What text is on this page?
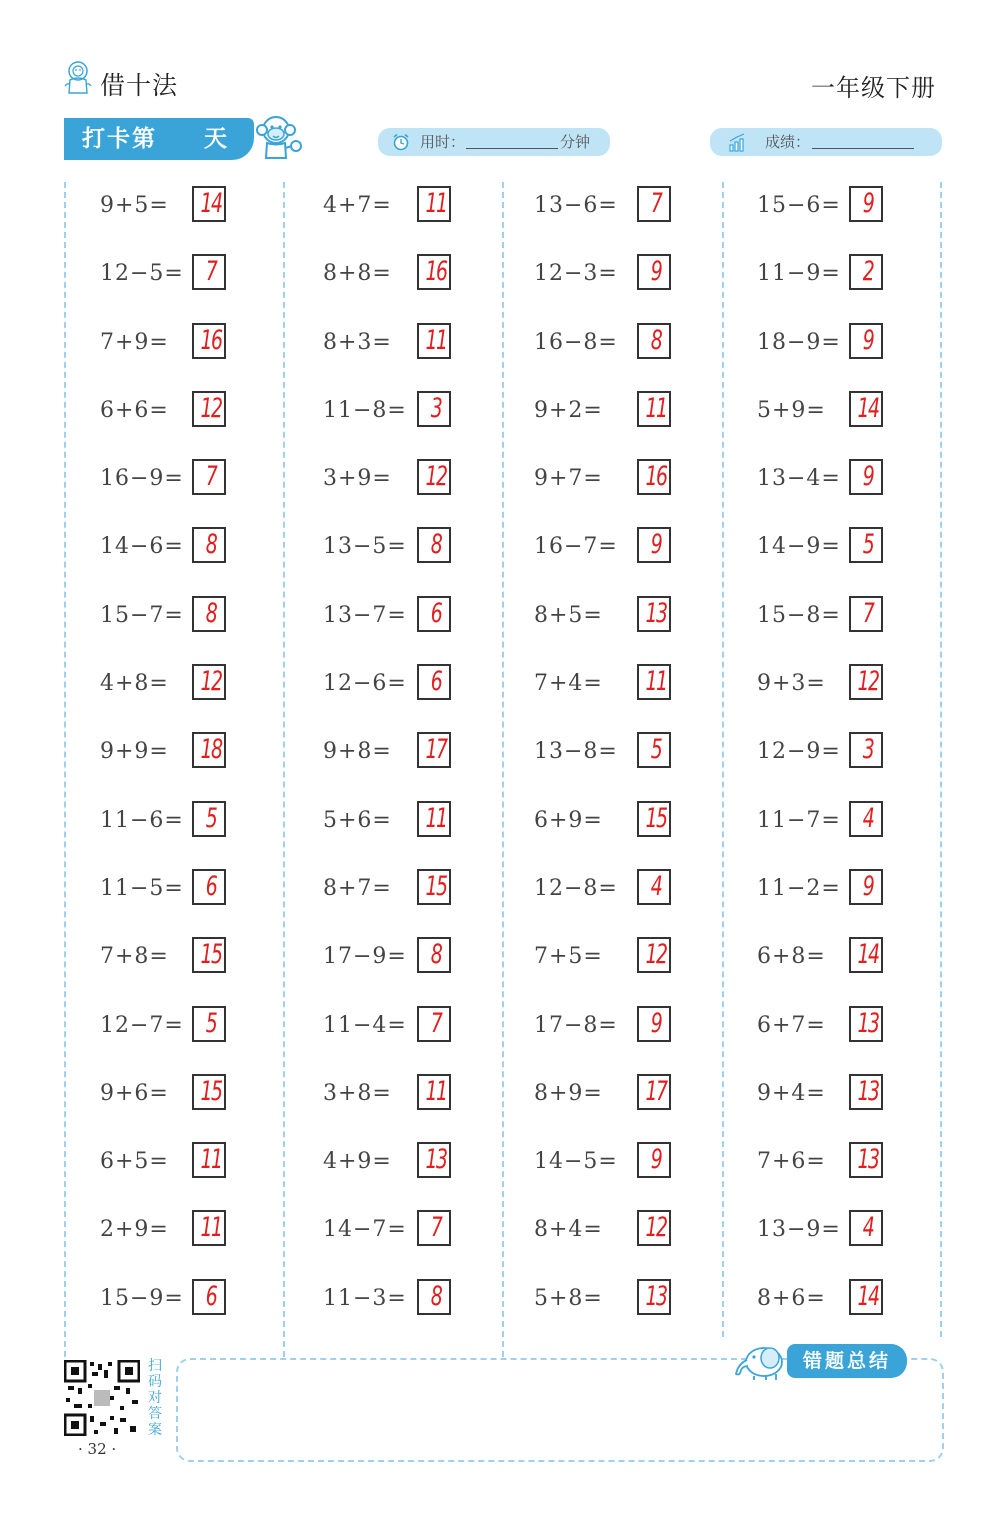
借十法	一年级下册
打卡第 天	用时：	分钟	成绩：
9+5= 14
12−5= 7
7+9= 16
6+6= 12
16−9= 7
14−6= 8
15−7= 8
4+8= 12
9+9= 18
11−6= 5
11−5= 6
7+8= 15
12−7= 5
9+6= 15
6+5= 11
2+9= 11
15−9= 6
4+7= 11
8+8= 16
8+3= 11
11−8= 3
3+9= 12
13−5= 8
13−7= 6
12−6= 6
9+8= 17
5+6= 11
8+7= 15
17−9= 8
11−4= 7
3+8= 11
4+9= 13
14−7= 7
11−3= 8
13−6= 7
12−3= 9
16−8= 8
9+2= 11
9+7= 16
16−7= 9
8+5= 13
7+4= 11
13−8= 5
6+9= 15
12−8= 4
7+5= 12
17−8= 9
8+9= 17
14−5= 9
8+4= 12
5+8= 13
15−6= 9
11−9= 2
18−9= 9
5+9= 14
13−4= 9
14−9= 5
15−8= 7
9+3= 12
12−9= 3
11−7= 4
11−2= 9
6+8= 14
6+7= 13
9+4= 13
7+6= 13
13−9= 4
8+6= 14
扫码对答案
· 32 ·
错题总结
